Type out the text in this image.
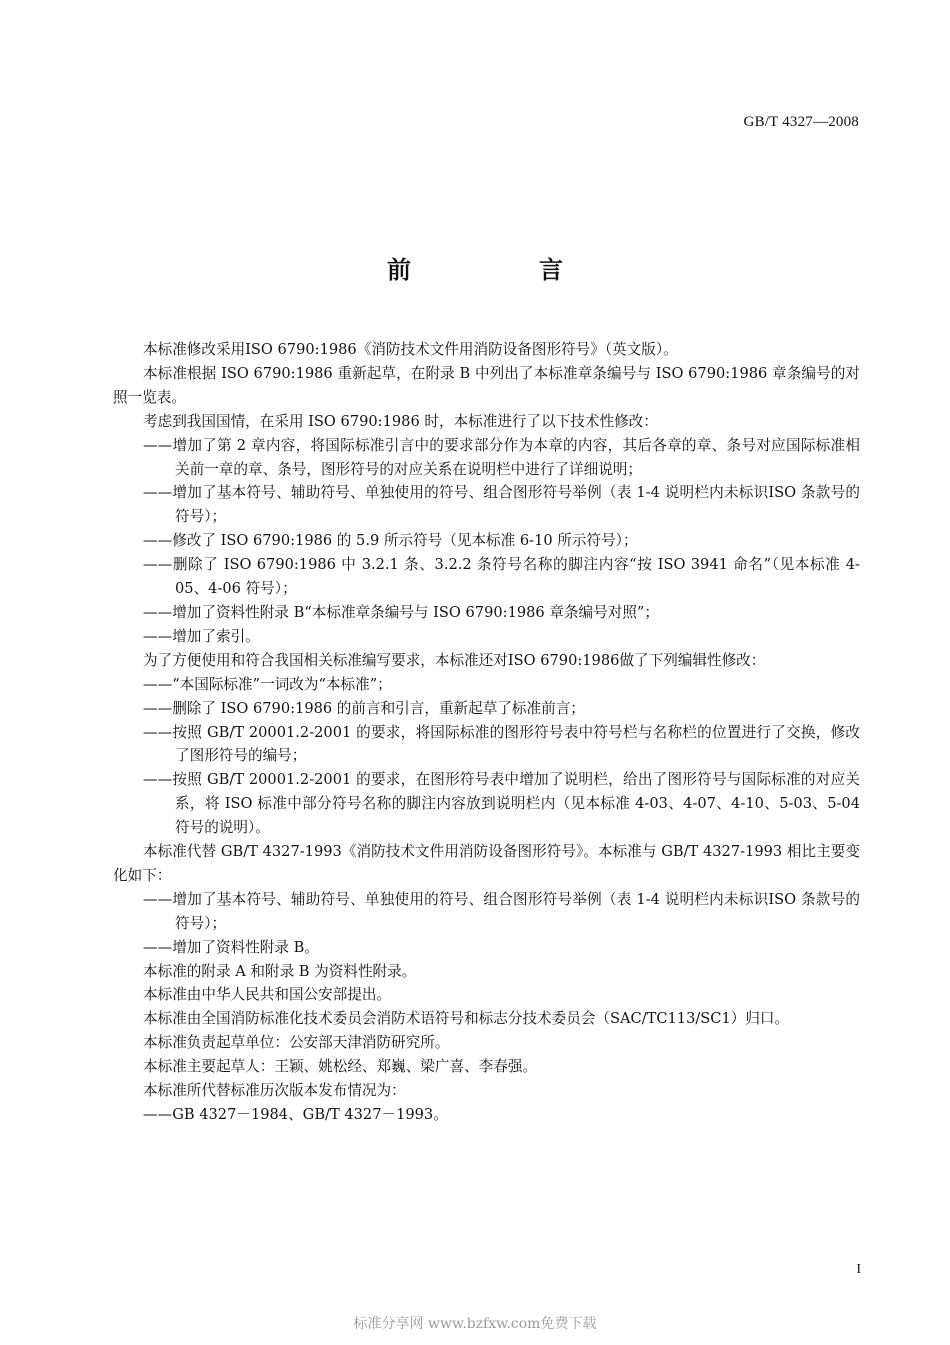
GB/T 4327—2008
前　言

本标准修改采用ISO 6790:1986《消防技术文件用消防设备图形符号》（英文版）。

本标准根据 ISO 6790:1986 重新起草，在附录 B 中列出了本标准章条编号与 ISO 6790:1986 章条编号的对照一览表。

考虑到我国国情，在采用 ISO 6790:1986 时，本标准进行了以下技术性修改：

——增加了第 2 章内容，将国际标准引言中的要求部分作为本章的内容，其后各章的章、条号对应国际标准相关前一章的章、条号，图形符号的对应关系在说明栏中进行了详细说明；

——增加了基本符号、辅助符号、单独使用的符号、组合图形符号举例（表 1-4 说明栏内未标识ISO 条款号的符号）；

——修改了 ISO 6790:1986 的 5.9 所示符号（见本标准 6-10 所示符号）；

——删除了 ISO 6790:1986 中 3.2.1 条、3.2.2 条符号名称的脚注内容“按 ISO 3941 命名”（见本标准 4-05、4-06 符号）；

——增加了资料性附录 B“本标准章条编号与 ISO 6790:1986 章条编号对照”；

——增加了索引。

为了方便使用和符合我国相关标准编写要求，本标准还对ISO 6790:1986做了下列编辑性修改：

——“本国际标准”一词改为“本标准”；

——删除了 ISO 6790:1986 的前言和引言，重新起草了标准前言；

——按照 GB/T 20001.2-2001 的要求，将国际标准的图形符号表中符号栏与名称栏的位置进行了交换，修改了图形符号的编号；

——按照 GB/T 20001.2-2001 的要求，在图形符号表中增加了说明栏，给出了图形符号与国际标准的对应关系，将 ISO 标准中部分符号名称的脚注内容放到说明栏内（见本标准 4-03、4-07、4-10、5-03、5-04 符号的说明）。

本标准代替 GB/T 4327-1993《消防技术文件用消防设备图形符号》。本标准与 GB/T 4327-1993 相比主要变化如下：

——增加了基本符号、辅助符号、单独使用的符号、组合图形符号举例（表 1-4 说明栏内未标识ISO 条款号的符号）；

——增加了资料性附录 B。

本标准的附录 A 和附录 B 为资料性附录。

本标准由中华人民共和国公安部提出。

本标准由全国消防标准化技术委员会消防术语符号和标志分技术委员会（SAC/TC113/SC1）归口。

本标准负责起草单位：公安部天津消防研究所。

本标准主要起草人：王颖、姚松经、郑巍、梁广喜、李春强。

本标准所代替标准历次版本发布情况为：

——GB 4327－1984、GB/T 4327－1993。

I
标准分享网 www.bzfxw.com免费下载
